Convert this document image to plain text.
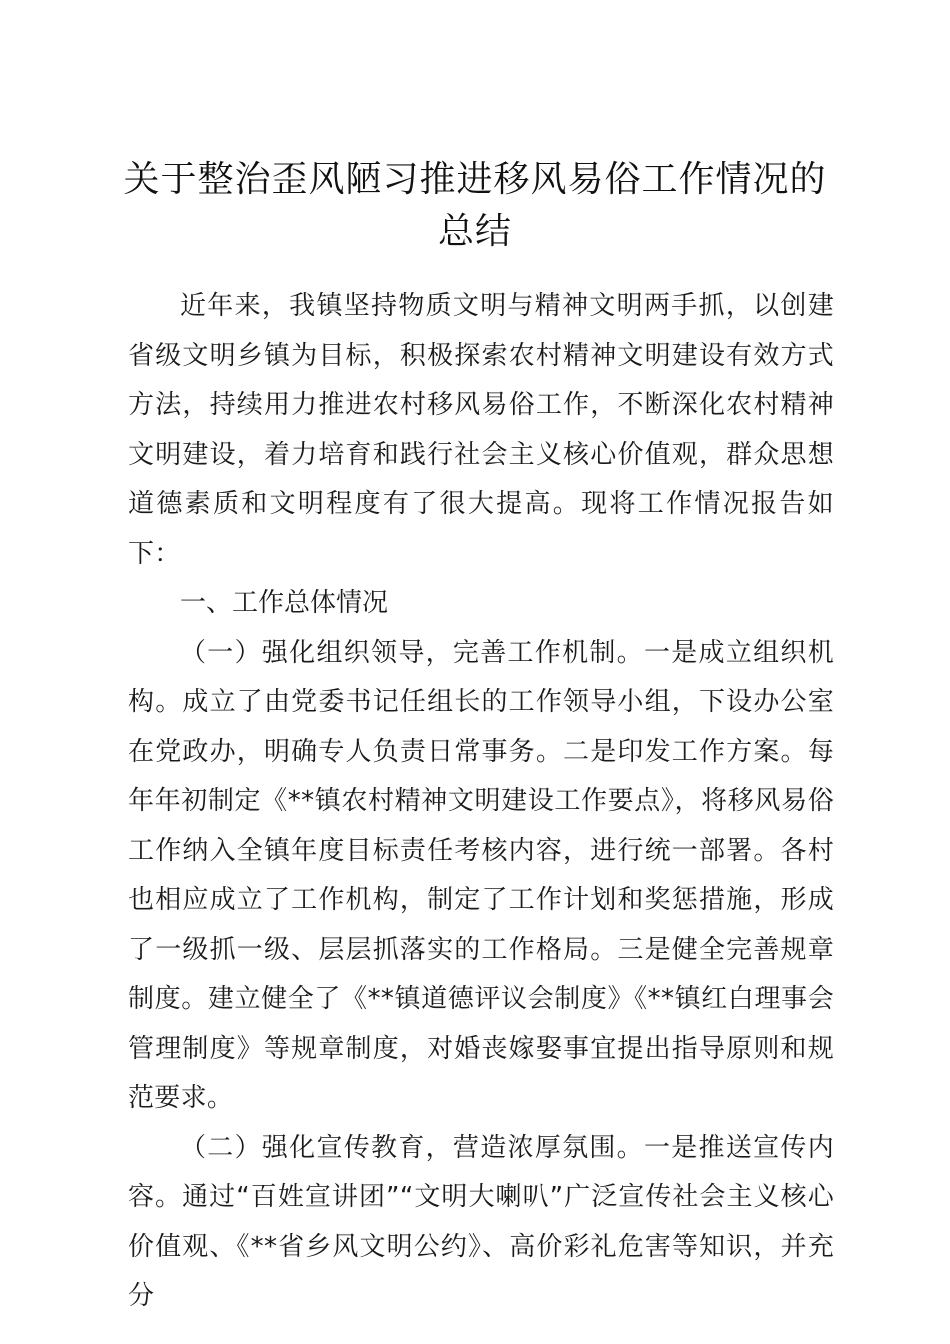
关于整治歪风陋习推进移风易俗工作情况的总结

近年来，我镇坚持物质文明与精神文明两手抓，以创建省级文明乡镇为目标，积极探索农村精神文明建设有效方式方法，持续用力推进农村移风易俗工作，不断深化农村精神文明建设，着力培育和践行社会主义核心价值观，群众思想道德素质和文明程度有了很大提高。现将工作情况报告如下：

一、工作总体情况

（一）强化组织领导，完善工作机制。一是成立组织机构。成立了由党委书记任组长的工作领导小组，下设办公室在党政办，明确专人负责日常事务。二是印发工作方案。每年年初制定《**镇农村精神文明建设工作要点》，将移风易俗工作纳入全镇年度目标责任考核内容，进行统一部署。各村也相应成立了工作机构，制定了工作计划和奖惩措施，形成了一级抓一级、层层抓落实的工作格局。三是健全完善规章制度。建立健全了《**镇道德评议会制度》《**镇红白理事会管理制度》等规章制度，对婚丧嫁娶事宜提出指导原则和规范要求。

（二）强化宣传教育，营造浓厚氛围。一是推送宣传内容。通过“百姓宣讲团”“文明大喇叭”广泛宣传社会主义核心价值观、《**省乡风文明公约》、高价彩礼危害等知识，并充分
